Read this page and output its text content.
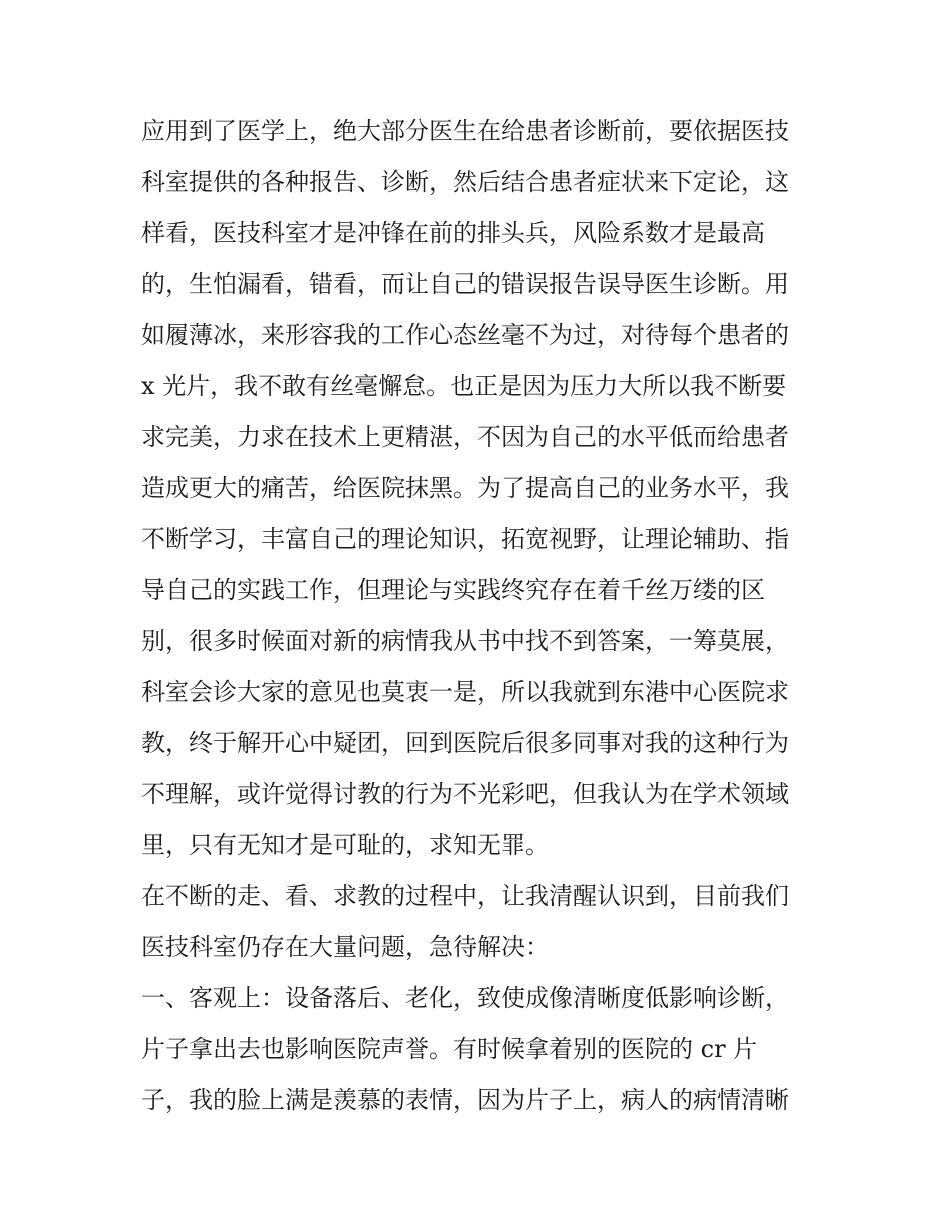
应用到了医学上，绝大部分医生在给患者诊断前，要依据医技
科室提供的各种报告、诊断，然后结合患者症状来下定论，这
样看，医技科室才是冲锋在前的排头兵，风险系数才是最高
的，生怕漏看，错看，而让自己的错误报告误导医生诊断。用
如履薄冰，来形容我的工作心态丝毫不为过，对待每个患者的
x 光片，我不敢有丝毫懈怠。也正是因为压力大所以我不断要
求完美，力求在技术上更精湛，不因为自己的水平低而给患者
造成更大的痛苦，给医院抹黑。为了提高自己的业务水平，我
不断学习，丰富自己的理论知识，拓宽视野，让理论辅助、指
导自己的实践工作，但理论与实践终究存在着千丝万缕的区
别，很多时候面对新的病情我从书中找不到答案，一筹莫展，
科室会诊大家的意见也莫衷一是，所以我就到东港中心医院求
教，终于解开心中疑团，回到医院后很多同事对我的这种行为
不理解，或许觉得讨教的行为不光彩吧，但我认为在学术领域
里，只有无知才是可耻的，求知无罪。
在不断的走、看、求教的过程中，让我清醒认识到，目前我们
医技科室仍存在大量问题，急待解决：
一、客观上：设备落后、老化，致使成像清晰度低影响诊断，
片子拿出去也影响医院声誉。有时候拿着别的医院的 cr 片
子，我的脸上满是羡慕的表情，因为片子上，病人的病情清晰
